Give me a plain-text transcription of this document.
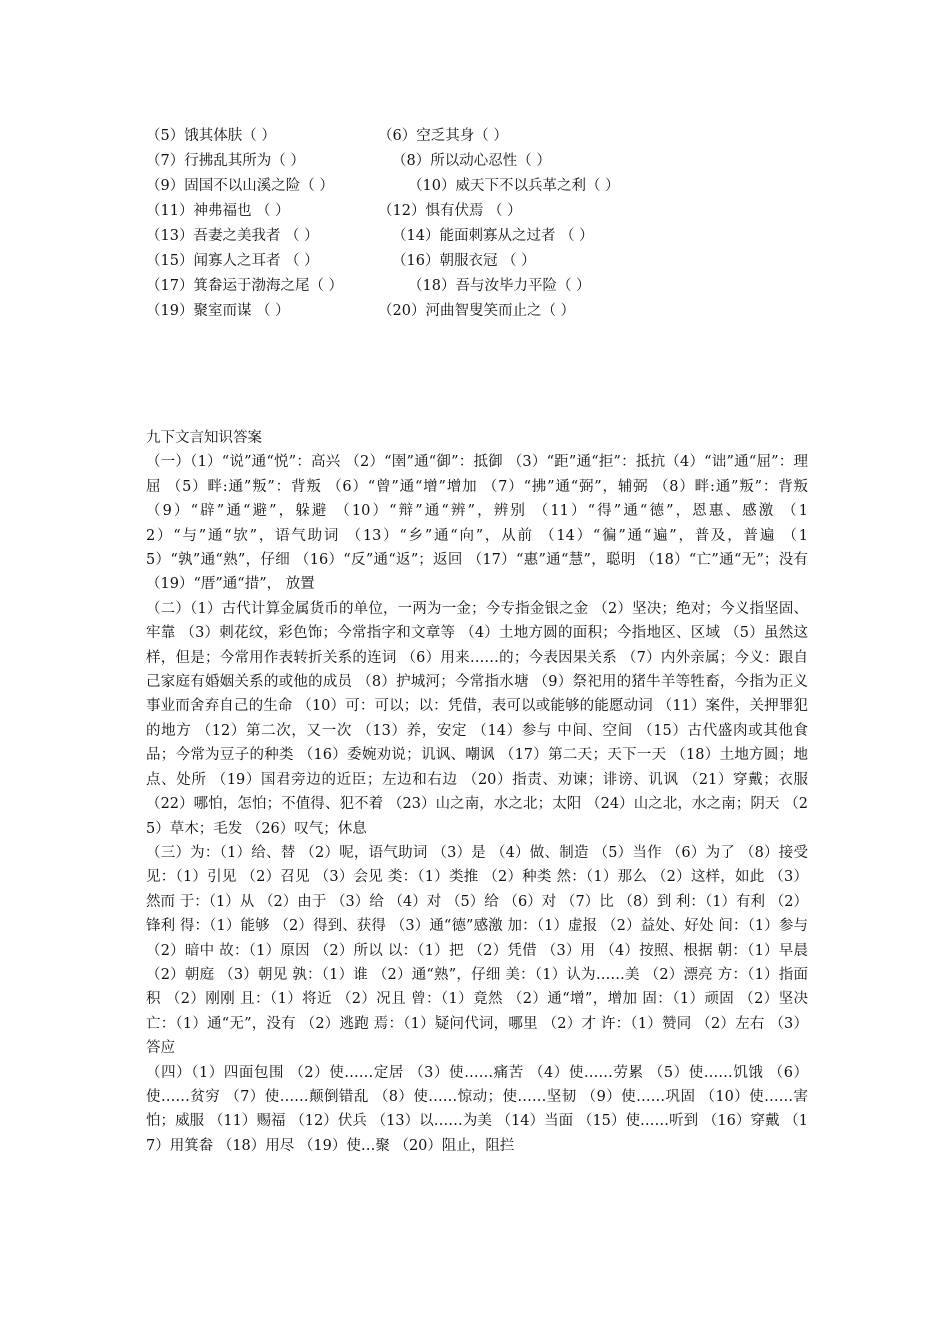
（5）饿其体肤（ ）	（6）空乏其身（ ）
（7）行拂乱其所为（ ）	（8）所以动心忍性（ ）
（9）固国不以山溪之险（ ）	（10）威天下不以兵革之利（ ）
（11）神弗福也 （ ）	（12）惧有伏焉 （ ）
（13）吾妻之美我者 （ ）	（14）能面刺寡从之过者 （ ）
（15）闻寡人之耳者 （ ）	（16）朝服衣冠 （ ）
（17）箕畚运于渤海之尾（ ）	（18）吾与汝毕力平险（ ）
（19）聚室而谋 （ ）	（20）河曲智叟笑而止之（ ）
九下文言知识答案

（一）（1）“说”通“悦”：高兴 （2）“圉”通“御”：抵御 （3）“距”通“拒”：抵抗（4）“诎”通“屈”：理屈 （5）畔:通”叛”：背叛 （6）“曾”通“增”增加 （7）“拂”通“弼”，辅弼 （8）畔:通”叛”：背叛 （9）“辟”通“避”，躲避 （10）“辩”通“辨”，辨别 （11）“得”通“德”，恩惠、感激 （12）“与”通“欤”，语气助词 （13）“乡”通“向”，从前 （14）“徧”通“遍”，普及，普遍 （15）“孰”通“熟”，仔细 （16）“反”通“返”；返回 （17）“惠”通“慧”，聪明 （18）“亡”通“无”；没有 （19）“厝”通“措”， 放置

（二）（1）古代计算金属货币的单位，一两为一金；今专指金银之金 （2）坚决；绝对；今义指坚固、牢靠 （3）刺花纹，彩色饰；今常指字和文章等 （4）土地方圆的面积；今指地区、区域 （5）虽然这样，但是；今常用作表转折关系的连词 （6）用来……的；今表因果关系 （7）内外亲属；今义：跟自己家庭有婚姻关系的或他的成员 （8）护城河；今常指水塘 （9）祭祀用的猪牛羊等牲畜，今指为正义事业而舍弃自己的生命 （10）可：可以；以：凭借，表可以或能够的能愿动词 （11）案件，关押罪犯的地方 （12）第二次，又一次 （13）养，安定 （14）参与 中间、空间 （15）古代盛肉或其他食品；今常为豆子的种类 （16）委婉劝说；讥讽、嘲讽 （17）第二天；天下一天 （18）土地方圆；地点、处所 （19）国君旁边的近臣；左边和右边 （20）指责、劝谏；诽谤、讥讽 （21）穿戴；衣服 （22）哪怕，怎怕；不值得、犯不着 （23）山之南，水之北；太阳 （24）山之北，水之南；阴天 （25）草木；毛发 （26）叹气；休息

（三）为：（1）给、替 （2）呢，语气助词 （3）是 （4）做、制造 （5）当作 （6）为了 （8）接受 见：（1）引见 （2）召见 （3）会见 类：（1）类推 （2）种类 然：（1）那么 （2）这样，如此 （3）然而 于：（1）从 （2）由于 （3）给 （4）对 （5）给 （6）对 （7）比 （8）到 利：（1）有利 （2）锋利 得：（1）能够 （2）得到、获得 （3）通“德”感激 加：（1）虚报 （2）益处、好处 间：（1）参与 （2）暗中 故：（1）原因 （2）所以 以：（1）把 （2）凭借 （3）用 （4）按照、根据 朝：（1）早晨 （2）朝庭 （3）朝见 孰：（1）谁 （2）通“熟”，仔细 美：（1）认为……美 （2）漂亮 方：（1）指面积 （2）刚刚 且：（1）将近 （2）况且 曾：（1）竟然 （2）通“增”，增加 固：（1）顽固 （2）坚决 亡：（1）通“无”，没有 （2）逃跑 焉：（1）疑问代词，哪里 （2）才 许：（1）赞同 （2）左右 （3）答应

（四）（1）四面包围 （2）使……定居 （3）使……痛苦 （4）使……劳累 （5）使……饥饿 （6）使……贫穷 （7）使……颠倒错乱 （8）使……惊动；使……坚韧 （9）使……巩固 （10）使……害怕；威服 （11）赐福 （12）伏兵 （13）以……为美 （14）当面 （15）使……听到 （16）穿戴 （17）用箕畚 （18）用尽 （19）使…聚 （20）阻止，阻拦
